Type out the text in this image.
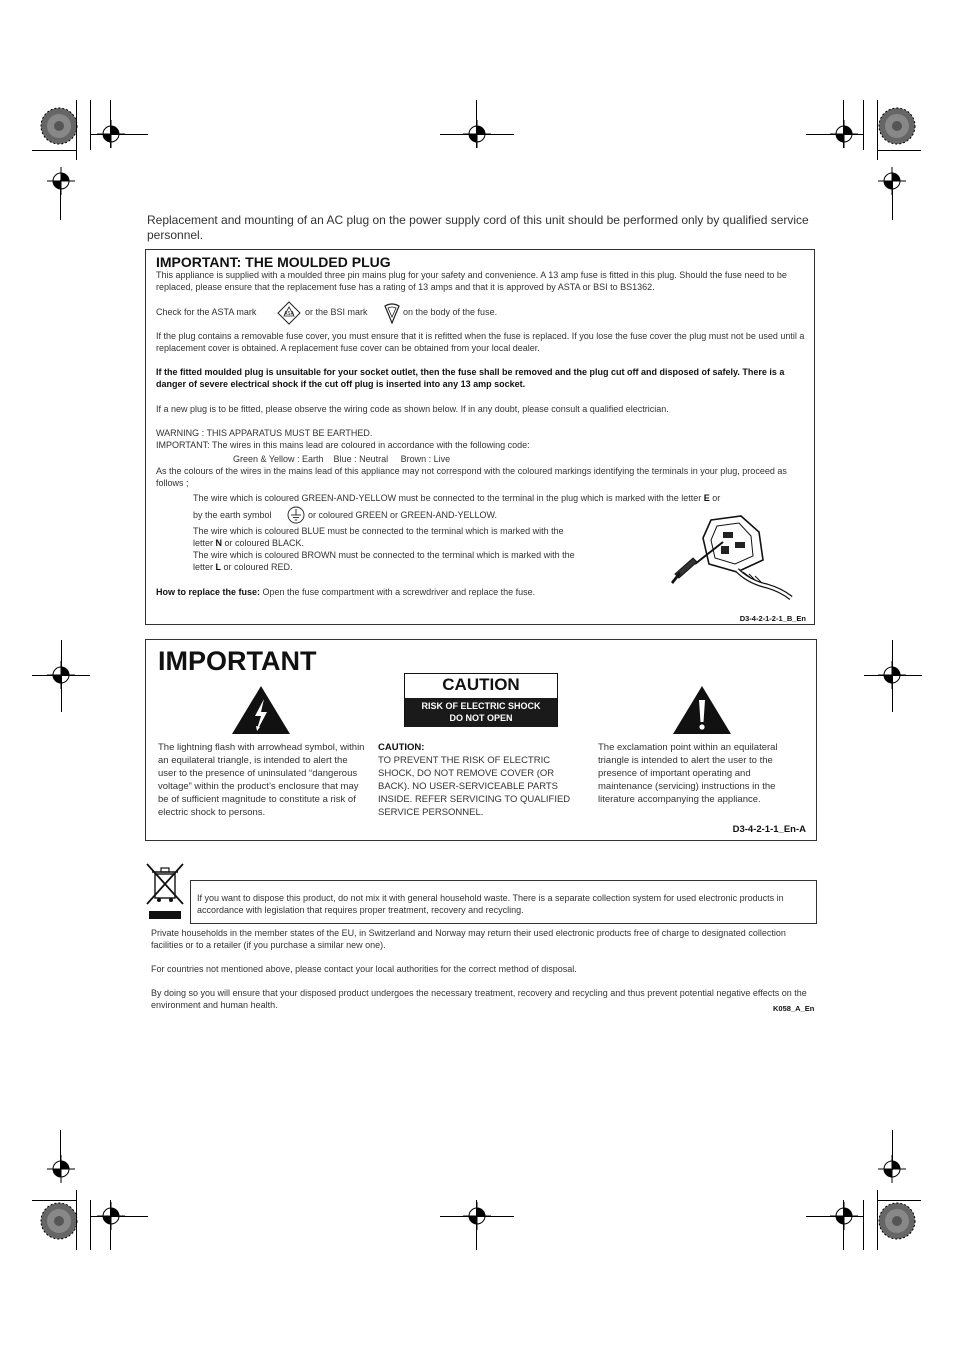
Replacement and mounting of an AC plug on the power supply cord of this unit should be performed only by qualified service personnel.
IMPORTANT: THE MOULDED PLUG
This appliance is supplied with a moulded three pin mains plug for your safety and convenience. A 13 amp fuse is fitted in this plug. Should the fuse need to be replaced, please ensure that the replacement fuse has a rating of 13 amps and that it is approved by ASTA or BSI to BS1362.
Check for the ASTA mark	ASA or the BSI mark	on the body of the fuse.
If the plug contains a removable fuse cover, you must ensure that it is refitted when the fuse is replaced. If you lose the fuse cover the plug must not be used until a replacement cover is obtained. A replacement fuse cover can be obtained from your local dealer.
If the fitted moulded plug is unsuitable for your socket outlet, then the fuse shall be removed and the plug cut off and disposed of safely. There is a danger of severe electrical shock if the cut off plug is inserted into any 13 amp socket.
If a new plug is to be fitted, please observe the wiring code as shown below. If in any doubt, please consult a qualified electrician.
WARNING : THIS APPARATUS MUST BE EARTHED.
IMPORTANT: The wires in this mains lead are coloured in accordance with the following code:
Green & Yellow : Earth    Blue : Neutral     Brown : Live
As the colours of the wires in the mains lead of this appliance may not correspond with the coloured markings identifying the terminals in your plug, proceed as follows ;
The wire which is coloured GREEN-AND-YELLOW must be connected to the terminal in the plug which is marked with the letter E or
by the earth symbol	or coloured GREEN or GREEN-AND-YELLOW.
The wire which is coloured BLUE must be connected to the terminal which is marked with the
letter N or coloured BLACK.
The wire which is coloured BROWN must be connected to the terminal which is marked with the
letter L or coloured RED.
How to replace the fuse: Open the fuse compartment with a screwdriver and replace the fuse.
D3-4-2-1-2-1_B_En
IMPORTANT
CAUTION
RISK OF ELECTRIC SHOCK
DO NOT OPEN
The lightning flash with arrowhead symbol, within an equilateral triangle, is intended to alert the user to the presence of uninsulated “dangerous voltage” within the product’s enclosure that may be of sufficient magnitude to constitute a risk of electric shock to persons.
CAUTION:
TO PREVENT THE RISK OF ELECTRIC SHOCK, DO NOT REMOVE COVER (OR BACK). NO USER-SERVICEABLE PARTS INSIDE. REFER SERVICING TO QUALIFIED SERVICE PERSONNEL.
The exclamation point within an equilateral triangle is intended to alert the user to the presence of important operating and maintenance (servicing) instructions in the literature accompanying the appliance.
D3-4-2-1-1_En-A
If you want to dispose this product, do not mix it with general household waste. There is a separate collection system for used electronic products in accordance with legislation that requires proper treatment, recovery and recycling.
Private households in the member states of the EU, in Switzerland and Norway may return their used electronic products free of charge to designated collection facilities or to a retailer (if you purchase a similar new one).
For countries not mentioned above, please contact your local authorities for the correct method of disposal.
By doing so you will ensure that your disposed product undergoes the necessary treatment, recovery and recycling and thus prevent potential negative effects on the environment and human health.	K058_A_En
